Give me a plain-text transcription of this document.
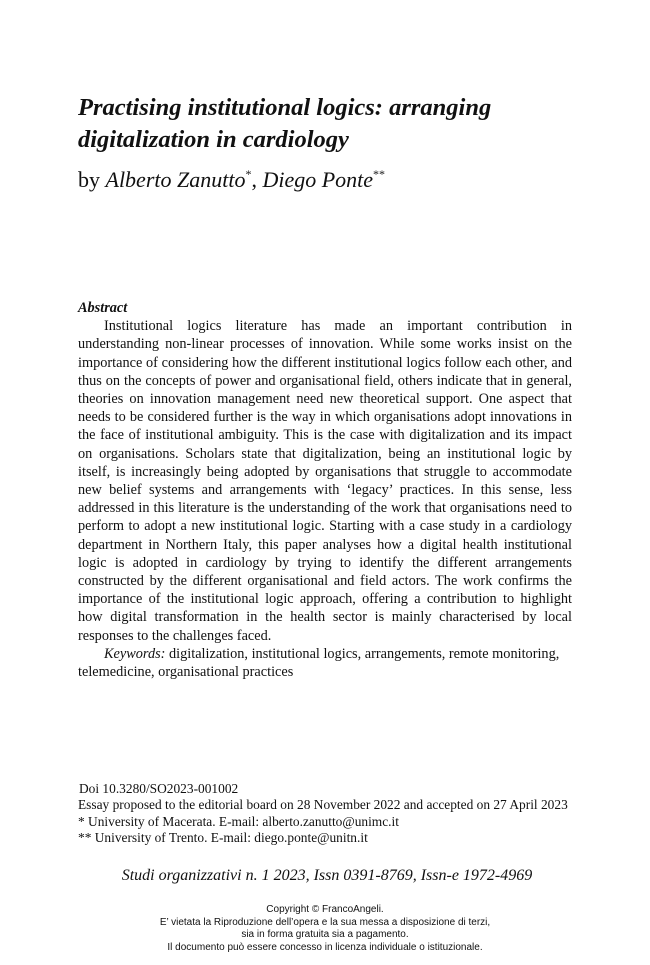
Practising institutional logics: arranging
digitalization in cardiology
by Alberto Zanutto*, Diego Ponte**

Abstract

Institutional logics literature has made an important contribution in understanding non-linear processes of innovation. While some works insist on the importance of considering how the different institutional logics follow each other, and thus on the concepts of power and organisational field, others indicate that in general, theories on innovation management need new theoretical support. One aspect that needs to be considered further is the way in which organisations adopt innovations in the face of institutional ambiguity. This is the case with digitalization and its impact on organisations. Scholars state that digitalization, being an institutional logic by itself, is increasingly being adopted by organisations that struggle to accommodate new belief systems and arrangements with ‘legacy’ practices. In this sense, less addressed in this literature is the understanding of the work that organisations need to perform to adopt a new institutional logic. Starting with a case study in a cardiology department in Northern Italy, this paper analyses how a digital health institutional logic is adopted in cardiology by trying to identify the different arrangements constructed by the different organisational and field actors. The work confirms the importance of the institutional logic approach, offering a contribution to highlight how digital transformation in the health sector is mainly characterised by local responses to the challenges faced.

Keywords: digitalization, institutional logics, arrangements, remote monitoring, telemedicine, organisational practices

Doi 10.3280/SO2023-001002
Essay proposed to the editorial board on 28 November 2022 and accepted on 27 April 2023
* University of Macerata. E-mail: alberto.zanutto@unimc.it
** University of Trento. E-mail: diego.ponte@unitn.it
Studi organizzativi n. 1 2023, Issn 0391-8769, Issn-e 1972-4969
Copyright © FrancoAngeli.
E’ vietata la Riproduzione dell’opera e la sua messa a disposizione di terzi,
sia in forma gratuita sia a pagamento.
Il documento può essere concesso in licenza individuale o istituzionale.
